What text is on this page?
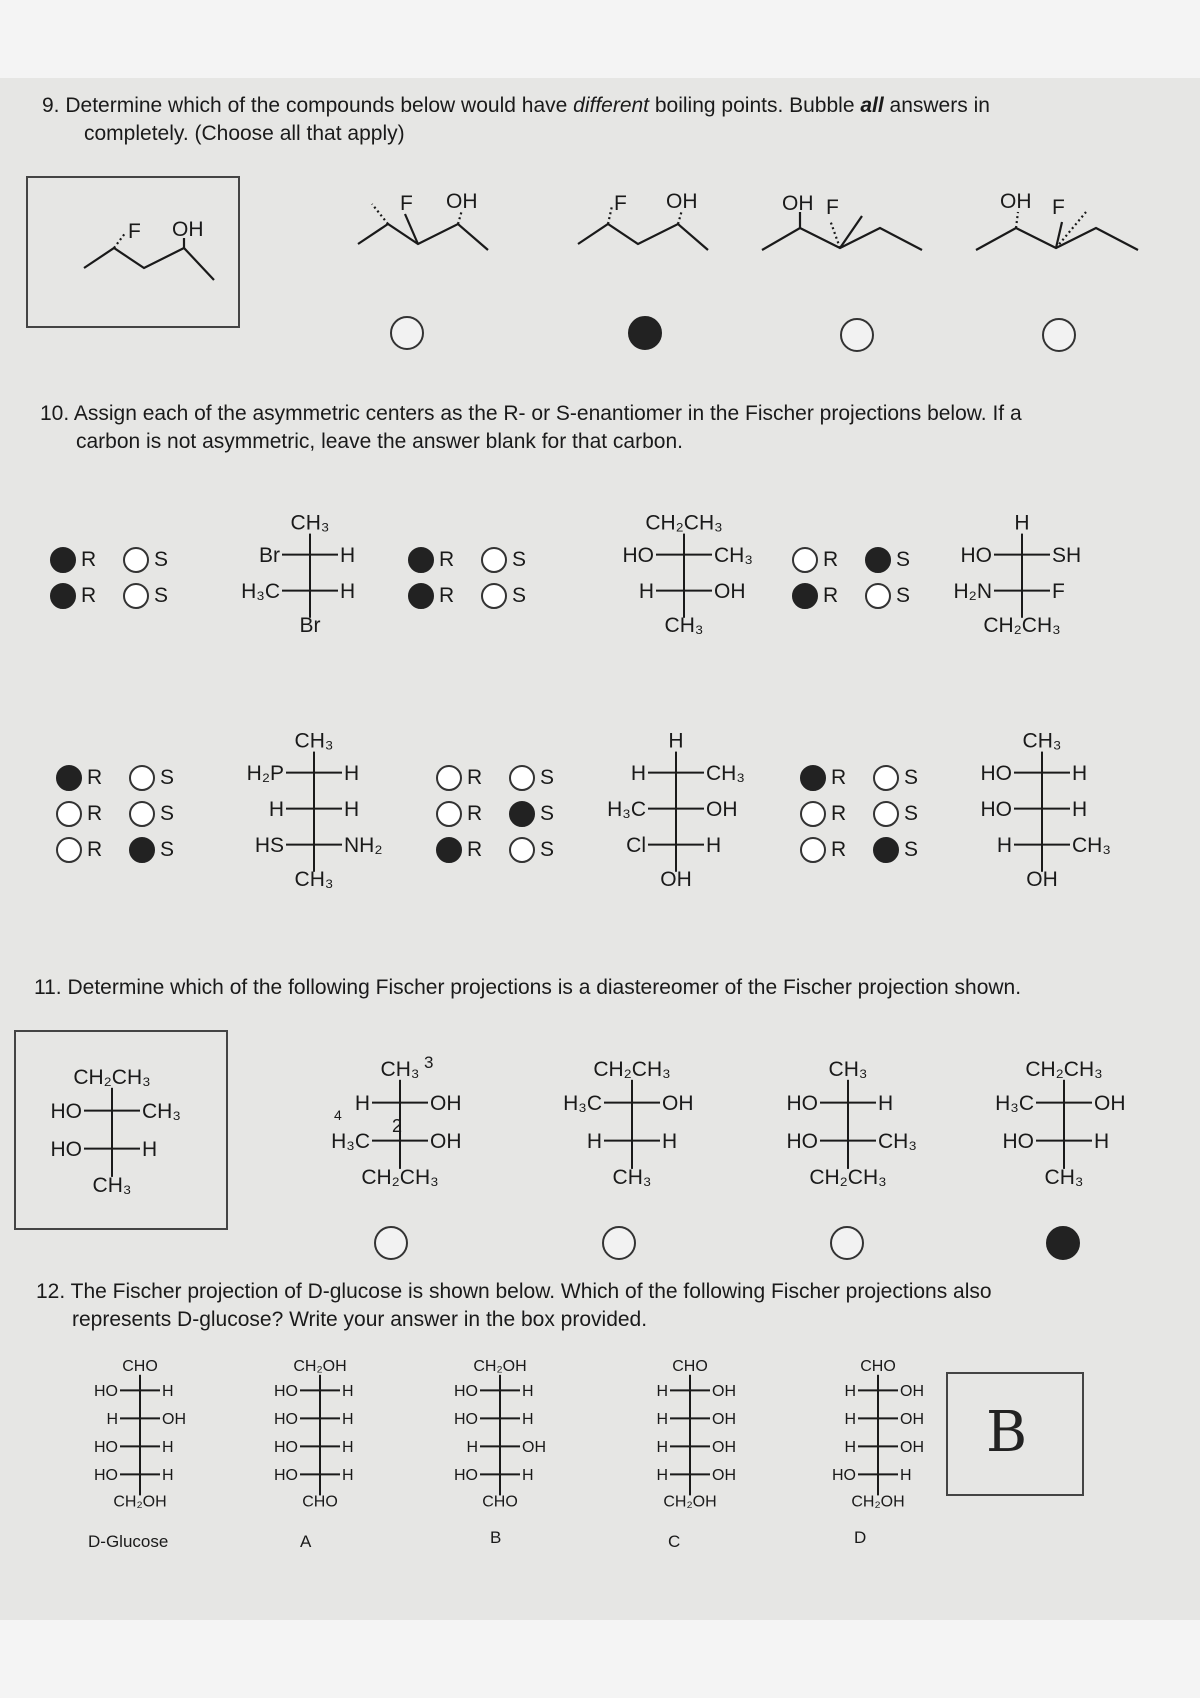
9. Determine which of the compounds below would have different boiling points. Bubble all answers in
completely. (Choose all that apply)
F OH
F OH	F OH	OH F	OH F
10. Assign each of the asymmetric centers as the R- or S-enantiomer in the Fischer projections below. If a
carbon is not asymmetric, leave the answer blank for that carbon.
R	S
R	S
R	S
R	S
R	S
R	S
R	S
R	S
R	S
R	S
R	S
R	S
R	S
R	S
R	S
CH₃
Br	H
H₃C	H
Br
CH₂CH₃
HO	CH₃
H	OH
CH₃
H
HO	SH
H₂N	F
CH₂CH₃
CH₃
H₂P	H
H	H
HS	NH₂
CH₃
H
H	CH₃
H₃C	OH
Cl	H
OH
CH₃
HO	H
HO	H
H	CH₃
OH
11. Determine which of the following Fischer projections is a diastereomer of the Fischer projection shown.
CH₂CH₃
HO	CH₃
HO	H
CH₃
CH₃
H	OH
H₃C	OH
CH₂CH₃
CH₂CH₃
H₃C	OH
H	H
CH₃
CH₃
HO	H
HO	CH₃
CH₂CH₃
CH₂CH₃
H₃C	OH
HO	H
CH₃
3
2
4
12. The Fischer projection of D-glucose is shown below. Which of the following Fischer projections also
represents D-glucose? Write your answer in the box provided.
CHO
HO	H
H	OH
HO	H
HO	H
CH₂OH
CH₂OH
HO	H
HO	H
HO	H
HO	H
CHO
CH₂OH
HO	H
HO	H
H	OH
HO	H
CHO
CHO
H	OH
H	OH
H	OH
H	OH
CH₂OH
CHO
H	OH
H	OH
H	OH
HO	H
CH₂OH
D-Glucose	A	B	C	D
B
